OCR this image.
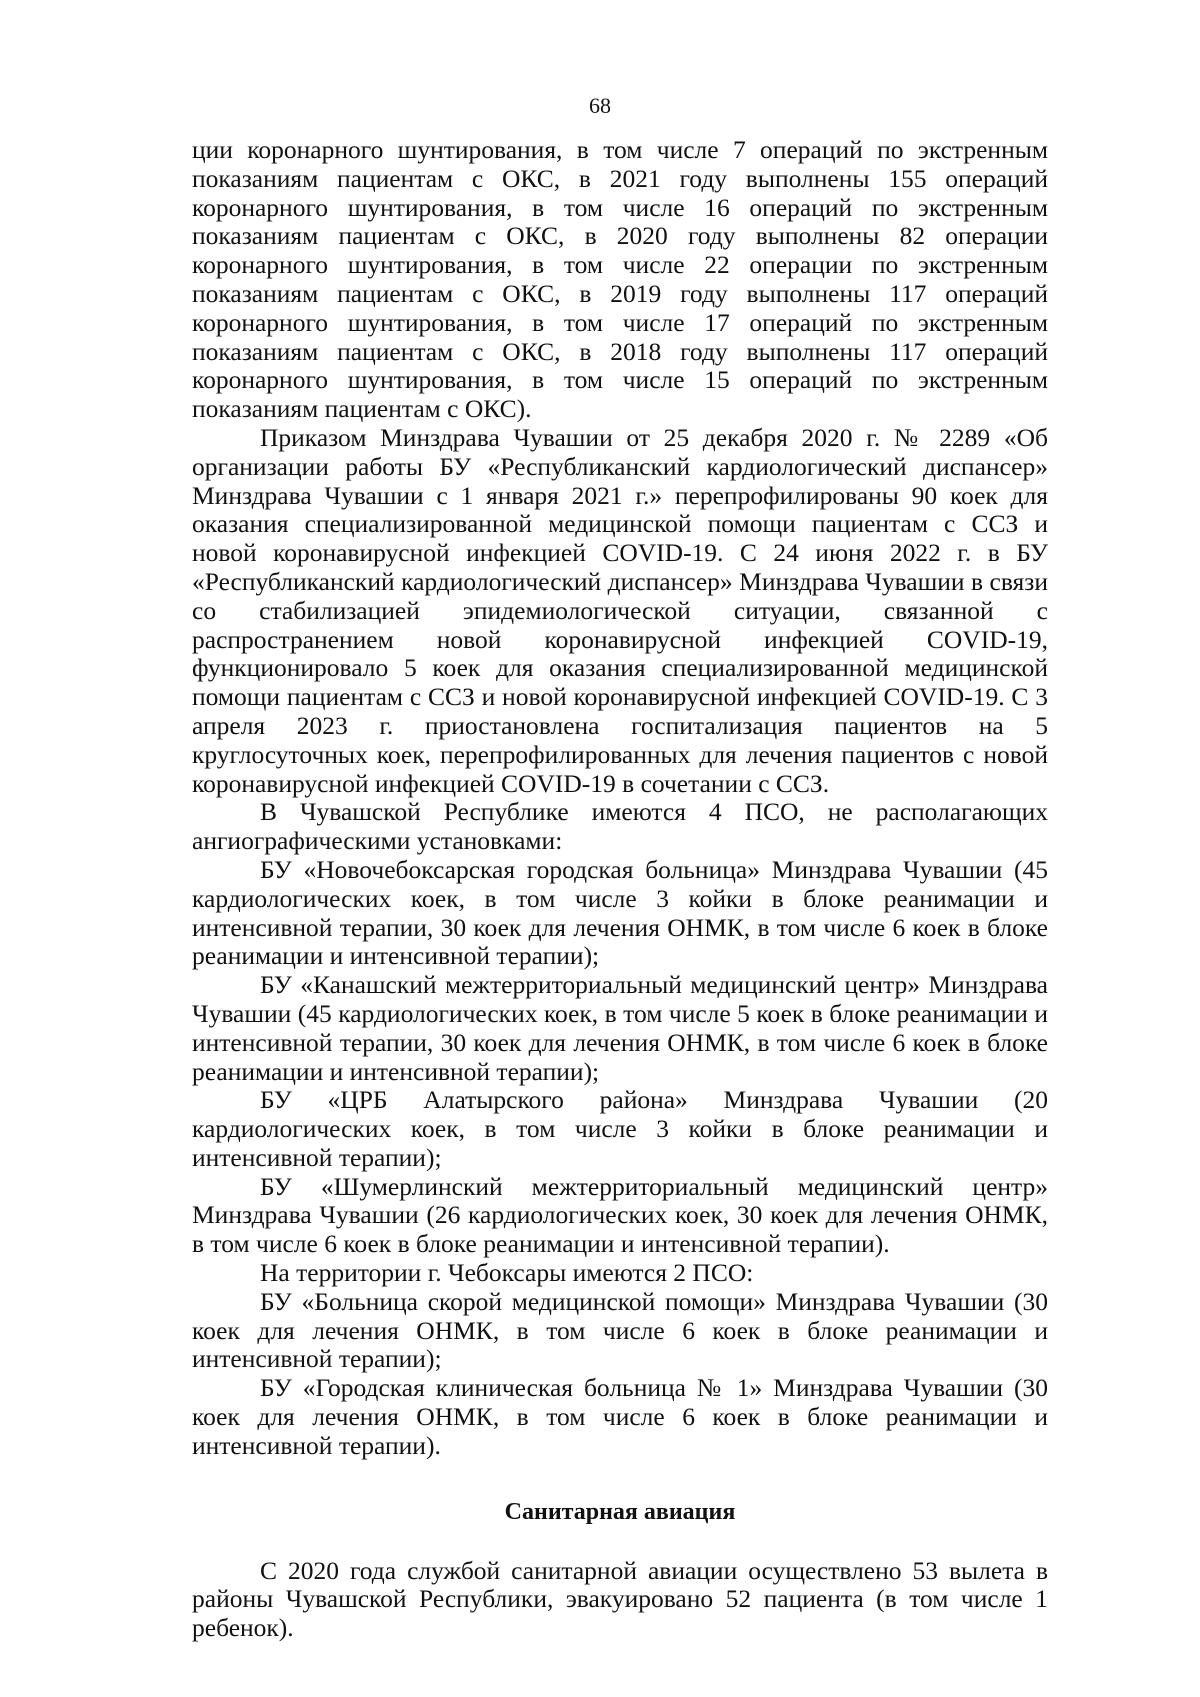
68

ции коронарного шунтирования, в том числе 7 операций по экстренным показаниям пациентам с ОКС, в 2021 году выполнены 155 операций коронарного шунтирования, в том числе 16 операций по экстренным показаниям пациентам с ОКС, в 2020 году выполнены 82 операции коронарного шунтирования, в том числе 22 операции по экстренным показаниям пациентам с ОКС, в 2019 году выполнены 117 операций коронарного шунтирования, в том числе 17 операций по экстренным показаниям пациентам с ОКС, в 2018 году выполнены 117 операций коронарного шунтирования, в том числе 15 операций по экстренным показаниям пациентам с ОКС).

Приказом Минздрава Чувашии от 25 декабря 2020 г. № 2289 «Об организации работы БУ «Республиканский кардиологический диспансер» Минздрава Чувашии с 1 января 2021 г.» перепрофилированы 90 коек для оказания специализированной медицинской помощи пациентам с ССЗ и новой коронавирусной инфекцией COVID-19. С 24 июня 2022 г. в БУ «Республиканский кардиологический диспансер» Минздрава Чувашии в связи со стабилизацией эпидемиологической ситуации, связанной с распространением новой коронавирусной инфекцией COVID-19, функционировало 5 коек для оказания специализированной медицинской помощи пациентам с ССЗ и новой коронавирусной инфекцией COVID-19. С 3 апреля 2023 г. приостановлена госпитализация пациентов на 5 круглосуточных коек, перепрофилированных для лечения пациентов с новой коронавирусной инфекцией COVID-19 в сочетании с ССЗ.

В Чувашской Республике имеются 4 ПСО, не располагающих ангиографическими установками:

БУ «Новочебоксарская городская больница» Минздрава Чувашии (45 кардиологических коек, в том числе 3 койки в блоке реанимации и интенсивной терапии, 30 коек для лечения ОНМК, в том числе 6 коек в блоке реанимации и интенсивной терапии);

БУ «Канашский межтерриториальный медицинский центр» Минздрава Чувашии (45 кардиологических коек, в том числе 5 коек в блоке реанимации и интенсивной терапии, 30 коек для лечения ОНМК, в том числе 6 коек в блоке реанимации и интенсивной терапии);

БУ «ЦРБ Алатырского района» Минздрава Чувашии (20 кардиологических коек, в том числе 3 койки в блоке реанимации и интенсивной терапии);

БУ «Шумерлинский межтерриториальный медицинский центр» Минздрава Чувашии (26 кардиологических коек, 30 коек для лечения ОНМК, в том числе 6 коек в блоке реанимации и интенсивной терапии).

На территории г. Чебоксары имеются 2 ПСО:

БУ «Больница скорой медицинской помощи» Минздрава Чувашии (30 коек для лечения ОНМК, в том числе 6 коек в блоке реанимации и интенсивной терапии);

БУ «Городская клиническая больница № 1» Минздрава Чувашии (30 коек для лечения ОНМК, в том числе 6 коек в блоке реанимации и интенсивной терапии).

Санитарная авиация

С 2020 года службой санитарной авиации осуществлено 53 вылета в районы Чувашской Республики, эвакуировано 52 пациента (в том числе 1 ребенок).
